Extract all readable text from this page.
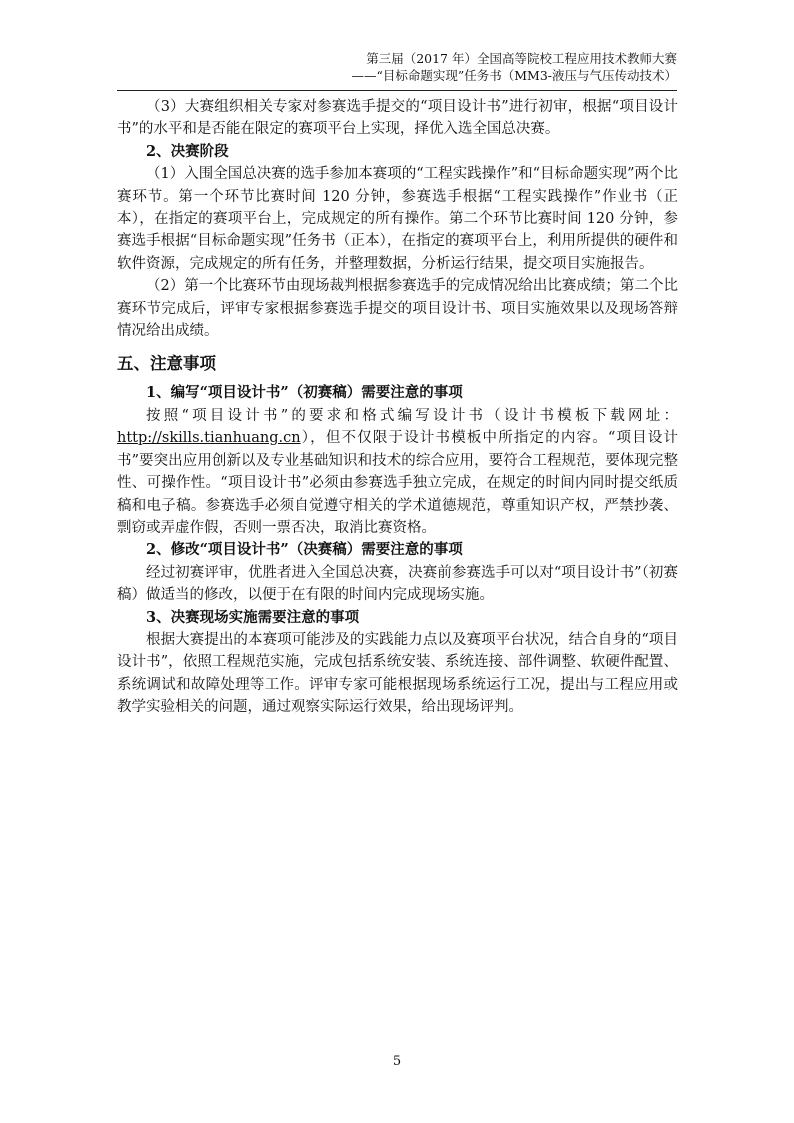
第三届（2017 年）全国高等院校工程应用技术教师大赛
——“目标命题实现”任务书（MM3-液压与气压传动技术）

（3）大赛组织相关专家对参赛选手提交的“项目设计书”进行初审，根据“项目设计书”的水平和是否能在限定的赛项平台上实现，择优入选全国总决赛。

2、决赛阶段

（1）入围全国总决赛的选手参加本赛项的“工程实践操作”和“目标命题实现”两个比赛环节。第一个环节比赛时间 120 分钟，参赛选手根据“工程实践操作”作业书（正本），在指定的赛项平台上，完成规定的所有操作。第二个环节比赛时间 120 分钟，参赛选手根据“目标命题实现”任务书（正本），在指定的赛项平台上，利用所提供的硬件和软件资源，完成规定的所有任务，并整理数据，分析运行结果，提交项目实施报告。

（2）第一个比赛环节由现场裁判根据参赛选手的完成情况给出比赛成绩；第二个比赛环节完成后，评审专家根据参赛选手提交的项目设计书、项目实施效果以及现场答辩情况给出成绩。

五、注意事项

1、编写“项目设计书”（初赛稿）需要注意的事项

按照“项目设计书”的要求和格式编写设计书（设计书模板下载网址：http://skills.tianhuang.cn），但不仅限于设计书模板中所指定的内容。“项目设计书”要突出应用创新以及专业基础知识和技术的综合应用，要符合工程规范，要体现完整性、可操作性。“项目设计书”必须由参赛选手独立完成，在规定的时间内同时提交纸质稿和电子稿。参赛选手必须自觉遵守相关的学术道德规范，尊重知识产权，严禁抄袭、剽窃或弄虚作假，否则一票否决，取消比赛资格。

2、修改“项目设计书”（决赛稿）需要注意的事项

经过初赛评审，优胜者进入全国总决赛，决赛前参赛选手可以对“项目设计书”（初赛稿）做适当的修改，以便于在有限的时间内完成现场实施。

3、决赛现场实施需要注意的事项

根据大赛提出的本赛项可能涉及的实践能力点以及赛项平台状况，结合自身的“项目设计书”，依照工程规范实施，完成包括系统安装、系统连接、部件调整、软硬件配置、系统调试和故障处理等工作。评审专家可能根据现场系统运行工况，提出与工程应用或教学实验相关的问题，通过观察实际运行效果，给出现场评判。

5
